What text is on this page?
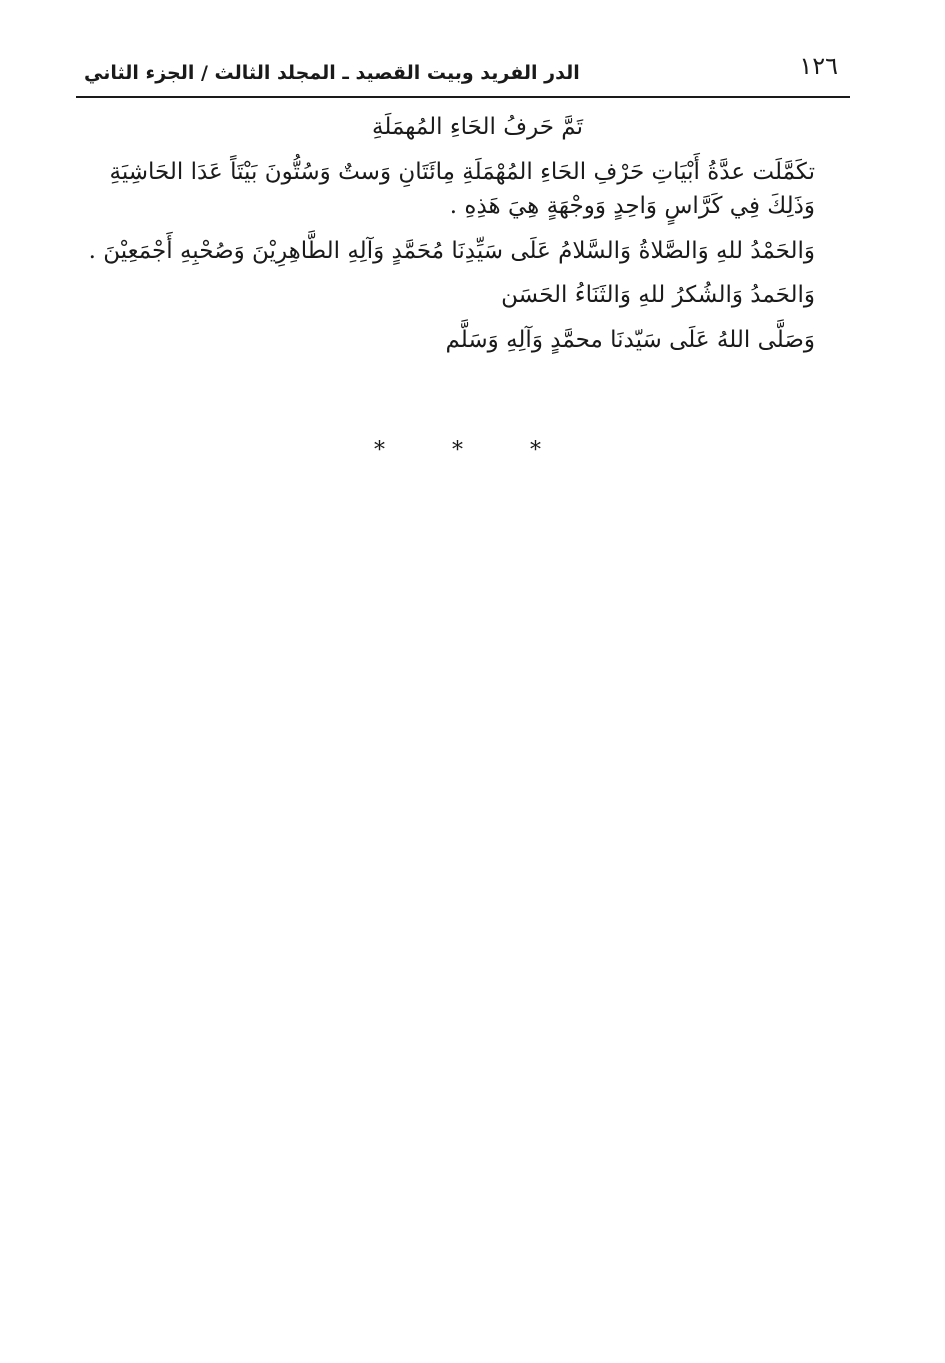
١٢٦
الدر الفريد وبيت القصيد ـ المجلد الثالث / الجزء الثاني

تَمَّ حَرفُ الحَاءِ المُهمَلَةِ

تكَمَّلَت عدَّةُ أَبْيَاتِ حَرْفِ الحَاءِ المُهْمَلَةِ مِائَتَانِ وَستٌ وَسُتُّونَ بَيْتَاً عَدَا الحَاشِيَةِ
وَذَلِكَ فِي كَرَّاسٍ وَاحِدٍ وَوجْهَةٍ هِيَ هَذِهِ .

وَالحَمْدُ للهِ وَالصَّلاةُ وَالسَّلامُ عَلَى سَيِّدِنَا مُحَمَّدٍ وَآلِهِ الطَّاهِرِيْنَ وَصُحْبِهِ أَجْمَعِيْنَ .

وَالحَمدُ وَالشُكرُ للهِ وَالثَنَاءُ الحَسَن

وَصَلَّى اللهُ عَلَى سَيّدنَا محمَّدٍ وَآلِهِ وَسَلَّم

* * *
